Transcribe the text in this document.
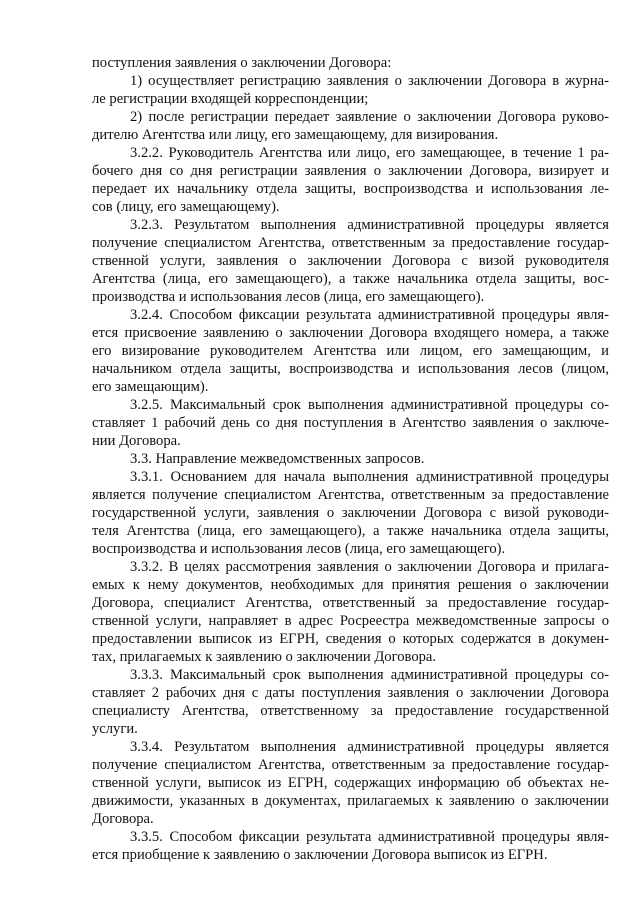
поступления заявления о заключении Договора:

1) осуществляет регистрацию заявления о заключении Договора в журна-
ле регистрации входящей корреспонденции;

2) после регистрации передает заявление о заключении Договора руково-
дителю Агентства или лицу, его замещающему, для визирования.

3.2.2. Руководитель Агентства или лицо, его замещающее, в течение 1 ра-
бочего дня со дня регистрации заявления о заключении Договора, визирует и
передает их начальнику отдела защиты, воспроизводства и использования ле-
сов (лицу, его замещающему).

3.2.3. Результатом выполнения административной процедуры является
получение специалистом Агентства, ответственным за предоставление государ-
ственной услуги, заявления о заключении Договора с визой руководителя
Агентства (лица, его замещающего), а также начальника отдела защиты, вос-
производства и использования лесов (лица, его замещающего).

3.2.4. Способом фиксации результата административной процедуры явля-
ется присвоение заявлению о заключении Договора входящего номера, а также
его визирование руководителем Агентства или лицом, его замещающим, и
начальником отдела защиты, воспроизводства и использования лесов (лицом,
его замещающим).

3.2.5. Максимальный срок выполнения административной процедуры со-
ставляет 1 рабочий день со дня поступления в Агентство заявления о заключе-
нии Договора.

3.3. Направление межведомственных запросов.

3.3.1. Основанием для начала выполнения административной процедуры
является получение специалистом Агентства, ответственным за предоставление
государственной услуги, заявления о заключении Договора с визой руководи-
теля Агентства (лица, его замещающего), а также начальника отдела защиты,
воспроизводства и использования лесов (лица, его замещающего).

3.3.2. В целях рассмотрения заявления о заключении Договора и прилага-
емых к нему документов, необходимых для принятия решения о заключении
Договора, специалист Агентства, ответственный за предоставление государ-
ственной услуги, направляет в адрес Росреестра межведомственные запросы о
предоставлении выписок из ЕГРН, сведения о которых содержатся в докумен-
тах, прилагаемых к заявлению о заключении Договора.

3.3.3. Максимальный срок выполнения административной процедуры со-
ставляет 2 рабочих дня с даты поступления заявления о заключении Договора
специалисту Агентства, ответственному за предоставление государственной
услуги.

3.3.4. Результатом выполнения административной процедуры является
получение специалистом Агентства, ответственным за предоставление государ-
ственной услуги, выписок из ЕГРН, содержащих информацию об объектах не-
движимости, указанных в документах, прилагаемых к заявлению о заключении
Договора.

3.3.5. Способом фиксации результата административной процедуры явля-
ется приобщение к заявлению о заключении Договора выписок из ЕГРН.
